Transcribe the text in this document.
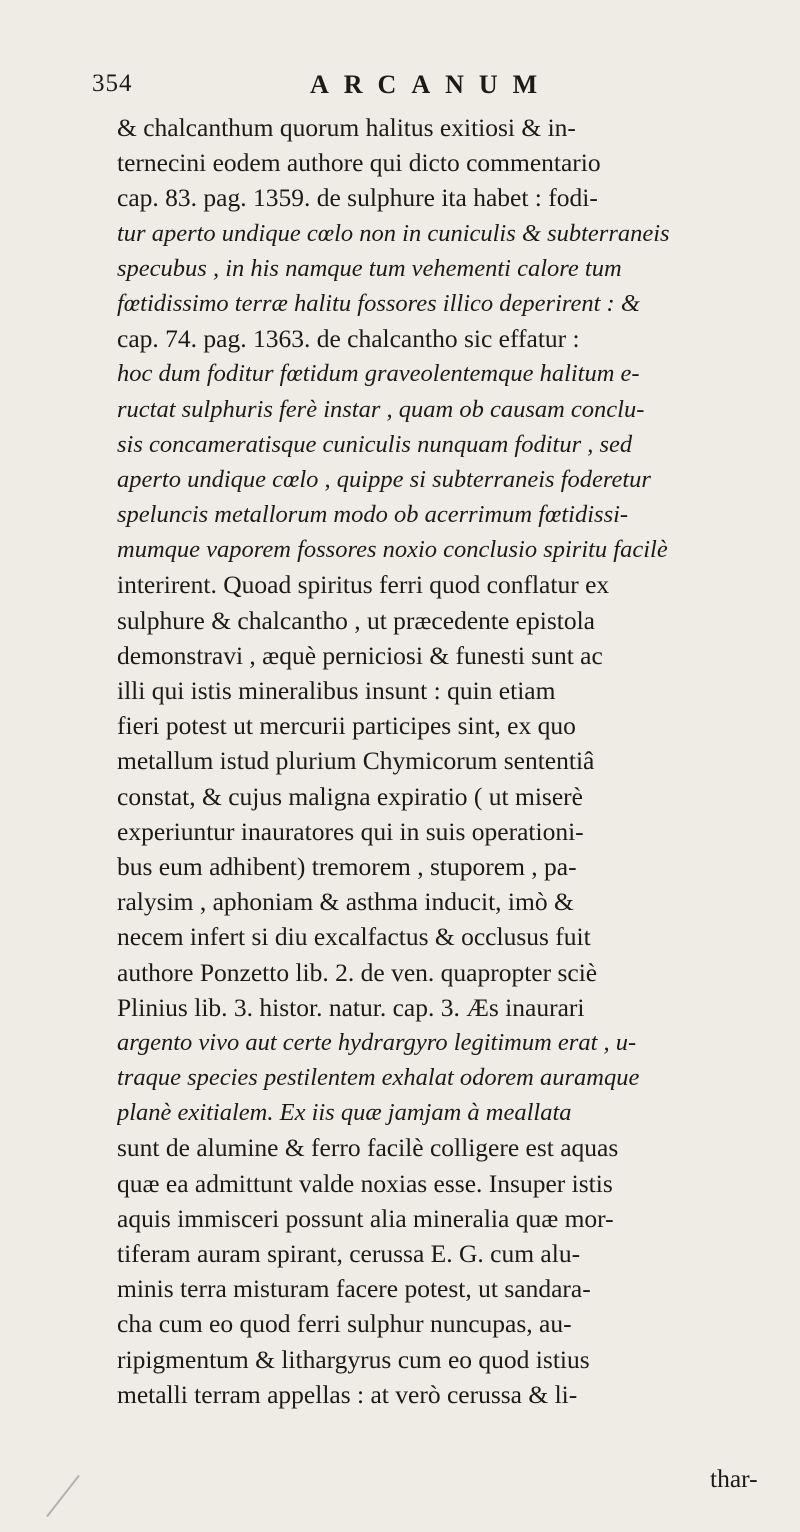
354	ARCANUM
& chalcanthum quorum halitus exitiosi & in-
ternecini eodem authore qui dicto commentario
cap. 83. pag. 1359. de sulphure ita habet : fodi-
tur aperto undique cœlo non in cuniculis & subterraneis
specubus , in his namque tum vehementi calore tum
fœtidissimo terræ halitu fossores illico deperirent : &
cap. 74. pag. 1363. de chalcantho sic effatur :
hoc dum foditur fœtidum graveolentemque halitum e-
ructat sulphuris ferè instar , quam ob causam conclu-
sis concameratisque cuniculis nunquam foditur , sed
aperto undique cœlo , quippe si subterraneis foderetur
speluncis metallorum modo ob acerrimum fœtidissi-
mumque vaporem fossores noxio conclusio spiritu facilè
interirent. Quoad spiritus ferri quod conflatur ex
sulphure & chalcantho , ut præcedente epistola
demonstravi , æquè perniciosi & funesti sunt ac
illi qui istis mineralibus insunt : quin etiam
fieri potest ut mercurii participes sint, ex quo
metallum istud plurium Chymicorum sententiâ
constat, & cujus maligna expiratio ( ut miserè
experiuntur inauratores qui in suis operationi-
bus eum adhibent) tremorem , stuporem , pa-
ralysim , aphoniam & asthma inducit, imò &
necem infert si diu excalfactus & occlusus fuit
authore Ponzetto lib. 2. de ven. quapropter sciè
Plinius lib. 3. histor. natur. cap. 3. Æs inaurari
argento vivo aut certe hydrargyro legitimum erat , u-
traque species pestilentem exhalat odorem auramque
planè exitialem. Ex iis quæ jamjam à meallata
sunt de alumine & ferro facilè colligere est aquas
quæ ea admittunt valde noxias esse. Insuper istis
aquis immisceri possunt alia mineralia quæ mor-
tiferam auram spirant, cerussa E. G. cum alu-
minis terra misturam facere potest, ut sandara-
cha cum eo quod ferri sulphur nuncupas, au-
ripigmentum & lithargyrus cum eo quod istius
metalli terram appellas : at verò cerussa & li-
thar-
